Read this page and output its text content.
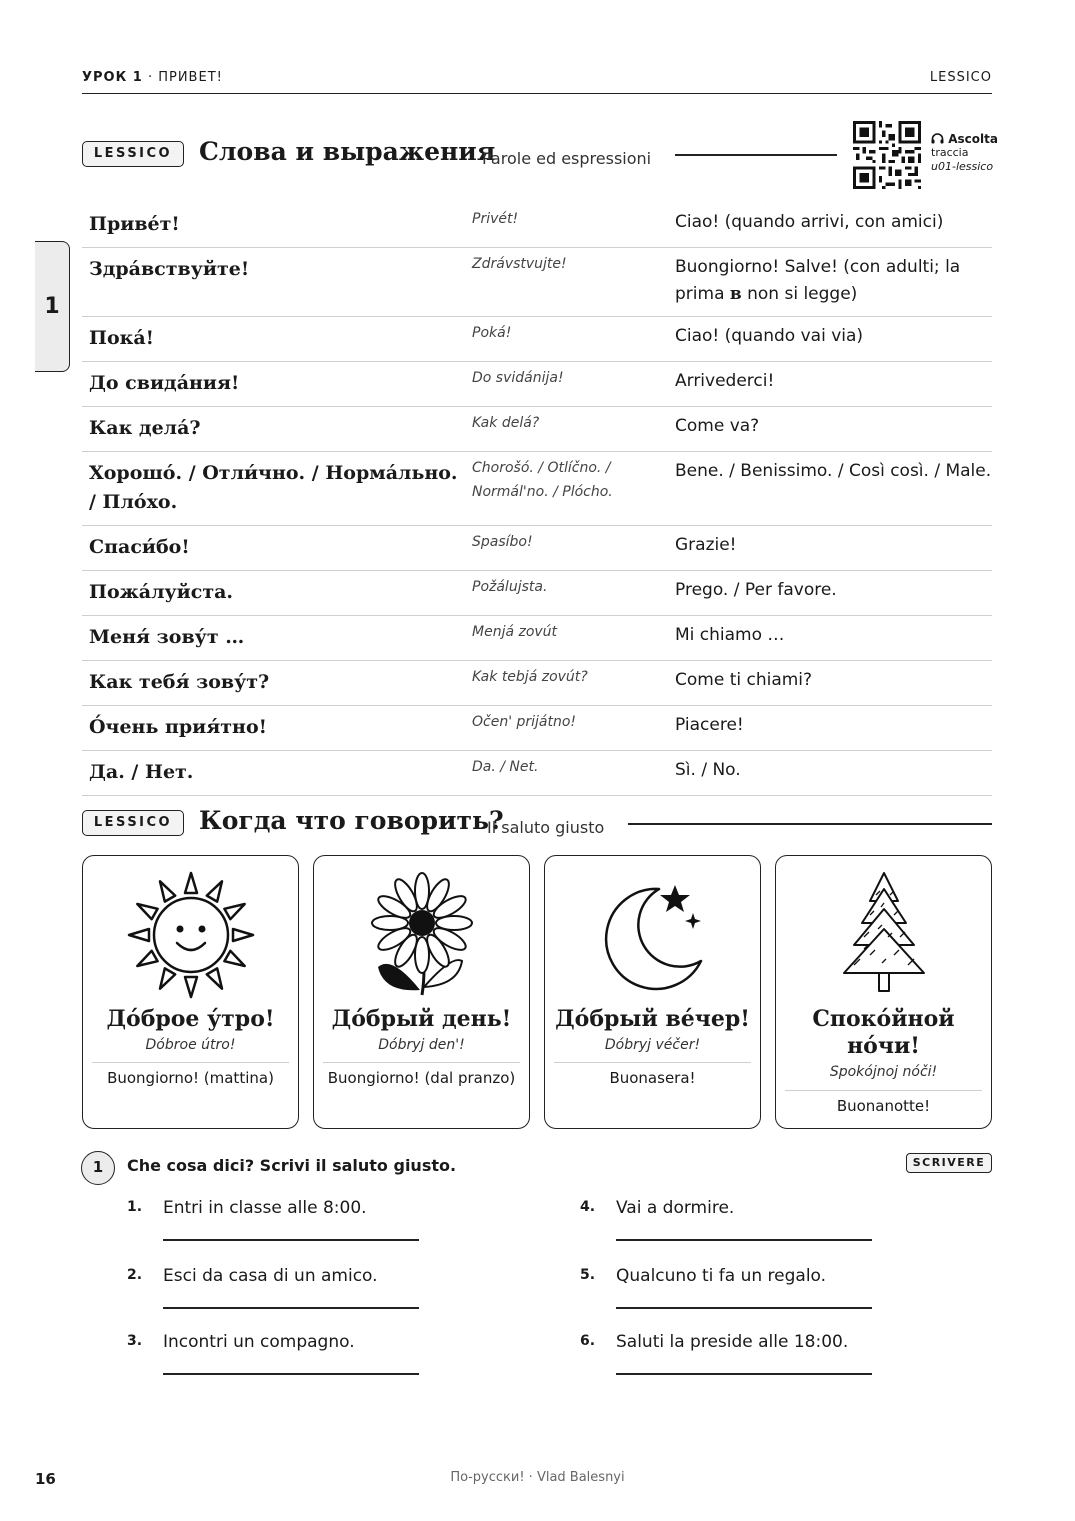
УРОК 1 · ПРИВЕТ!	LESSICO
1
LESSICO	Слова и выражения
Parole ed espressioni
Ascolta
traccia
u01-lessico
Приве́т!	Privét!	Ciao! (quando arrivi, con amici)
Здра́вствуйте!	Zdrávstvujte!	Buongiorno! Salve! (con adulti; la prima в non si legge)
Пока́!	Poká!	Ciao! (quando vai via)
До свида́ния!	Do svidánija!	Arrivederci!
Как дела́?	Kak delá?	Come va?
Хорошо́. / Отли́чно. / Норма́льно. / Пло́хо.	Chorošó. / Otlíčno. / Normál'no. / Plócho.	Bene. / Benissimo. / Così così. / Male.
Спаси́бо!	Spasíbo!	Grazie!
Пожа́луйста.	Požálujsta.	Prego. / Per favore.
Меня́ зову́т …	Menjá zovút	Mi chiamo …
Как тебя́ зову́т?	Kak tebjá zovút?	Come ti chiami?
О́чень прия́тно!	Očen' prijátno!	Piacere!
Да. / Нет.	Da. / Net.	Sì. / No.
LESSICO	Когда что говорить?
Il saluto giusto
До́брое у́тро!
Dóbroe útro!
Buongiorno! (mattina)
До́брый день!
Dóbryj den'!
Buongiorno! (dal pranzo)
До́брый ве́чер!
Dóbryj véčer!
Buonasera!
Споко́йной но́чи!
Spokójnoj nóči!
Buonanotte!
1	Che cosa dici? Scrivi il saluto giusto.	SCRIVERE
1. Entri in classe alle 8:00.
2. Esci da casa di un amico.
3. Incontri un compagno.
4. Vai a dormire.
5. Qualcuno ti fa un regalo.
6. Saluti la preside alle 18:00.
По-русски! · Vlad Balesnyi
16
